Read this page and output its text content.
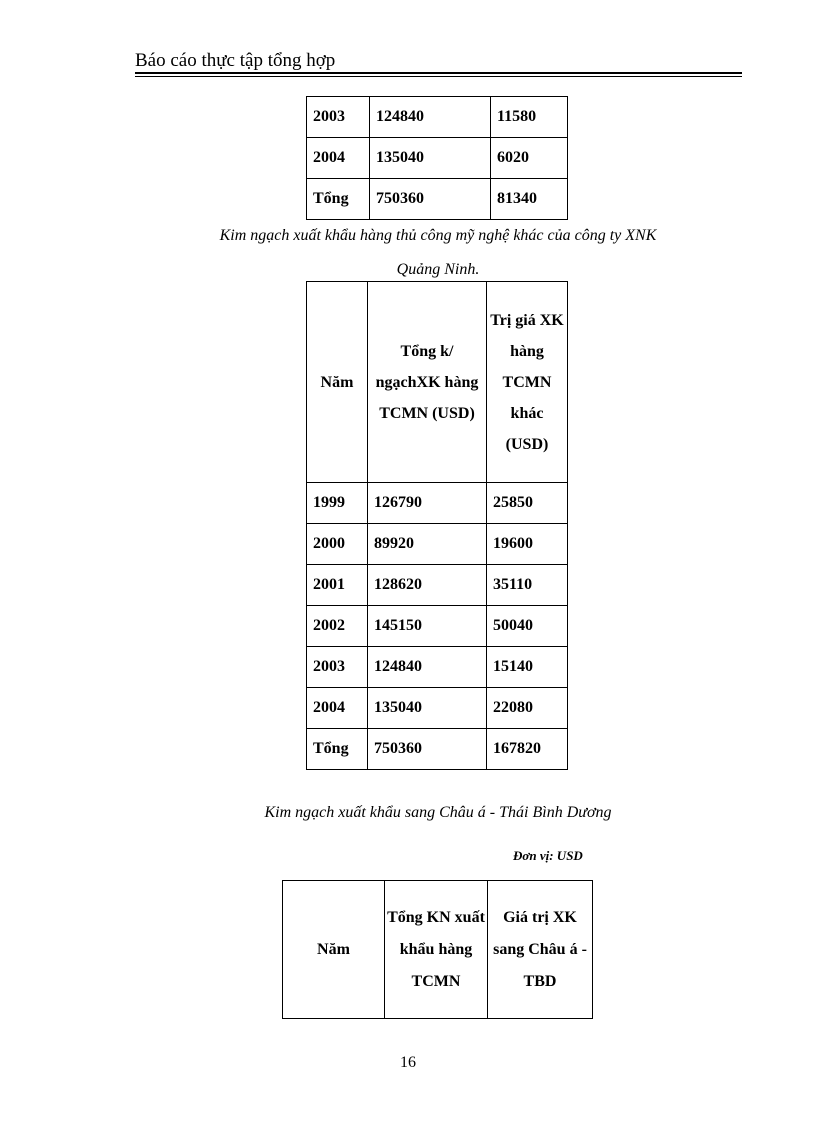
Báo cáo thực tập tổng hợp
2003	124840	11580
2004	135040	6020
Tổng	750360	81340
Kim ngạch xuất khẩu hàng thủ công mỹ nghệ khác của công ty XNK
Quảng Ninh.
Năm	Tổng k/ ngạchXK hàng TCMN (USD)	Trị giá XK hàng TCMN khác (USD)
1999	126790	25850
2000	89920	19600
2001	128620	35110
2002	145150	50040
2003	124840	15140
2004	135040	22080
Tổng	750360	167820
Kim ngạch xuất khẩu sang Châu á - Thái Bình Dương
Đơn vị: USD
Năm	Tổng KN xuất khẩu hàng TCMN	Giá trị XK sang Châu á - TBD
16
